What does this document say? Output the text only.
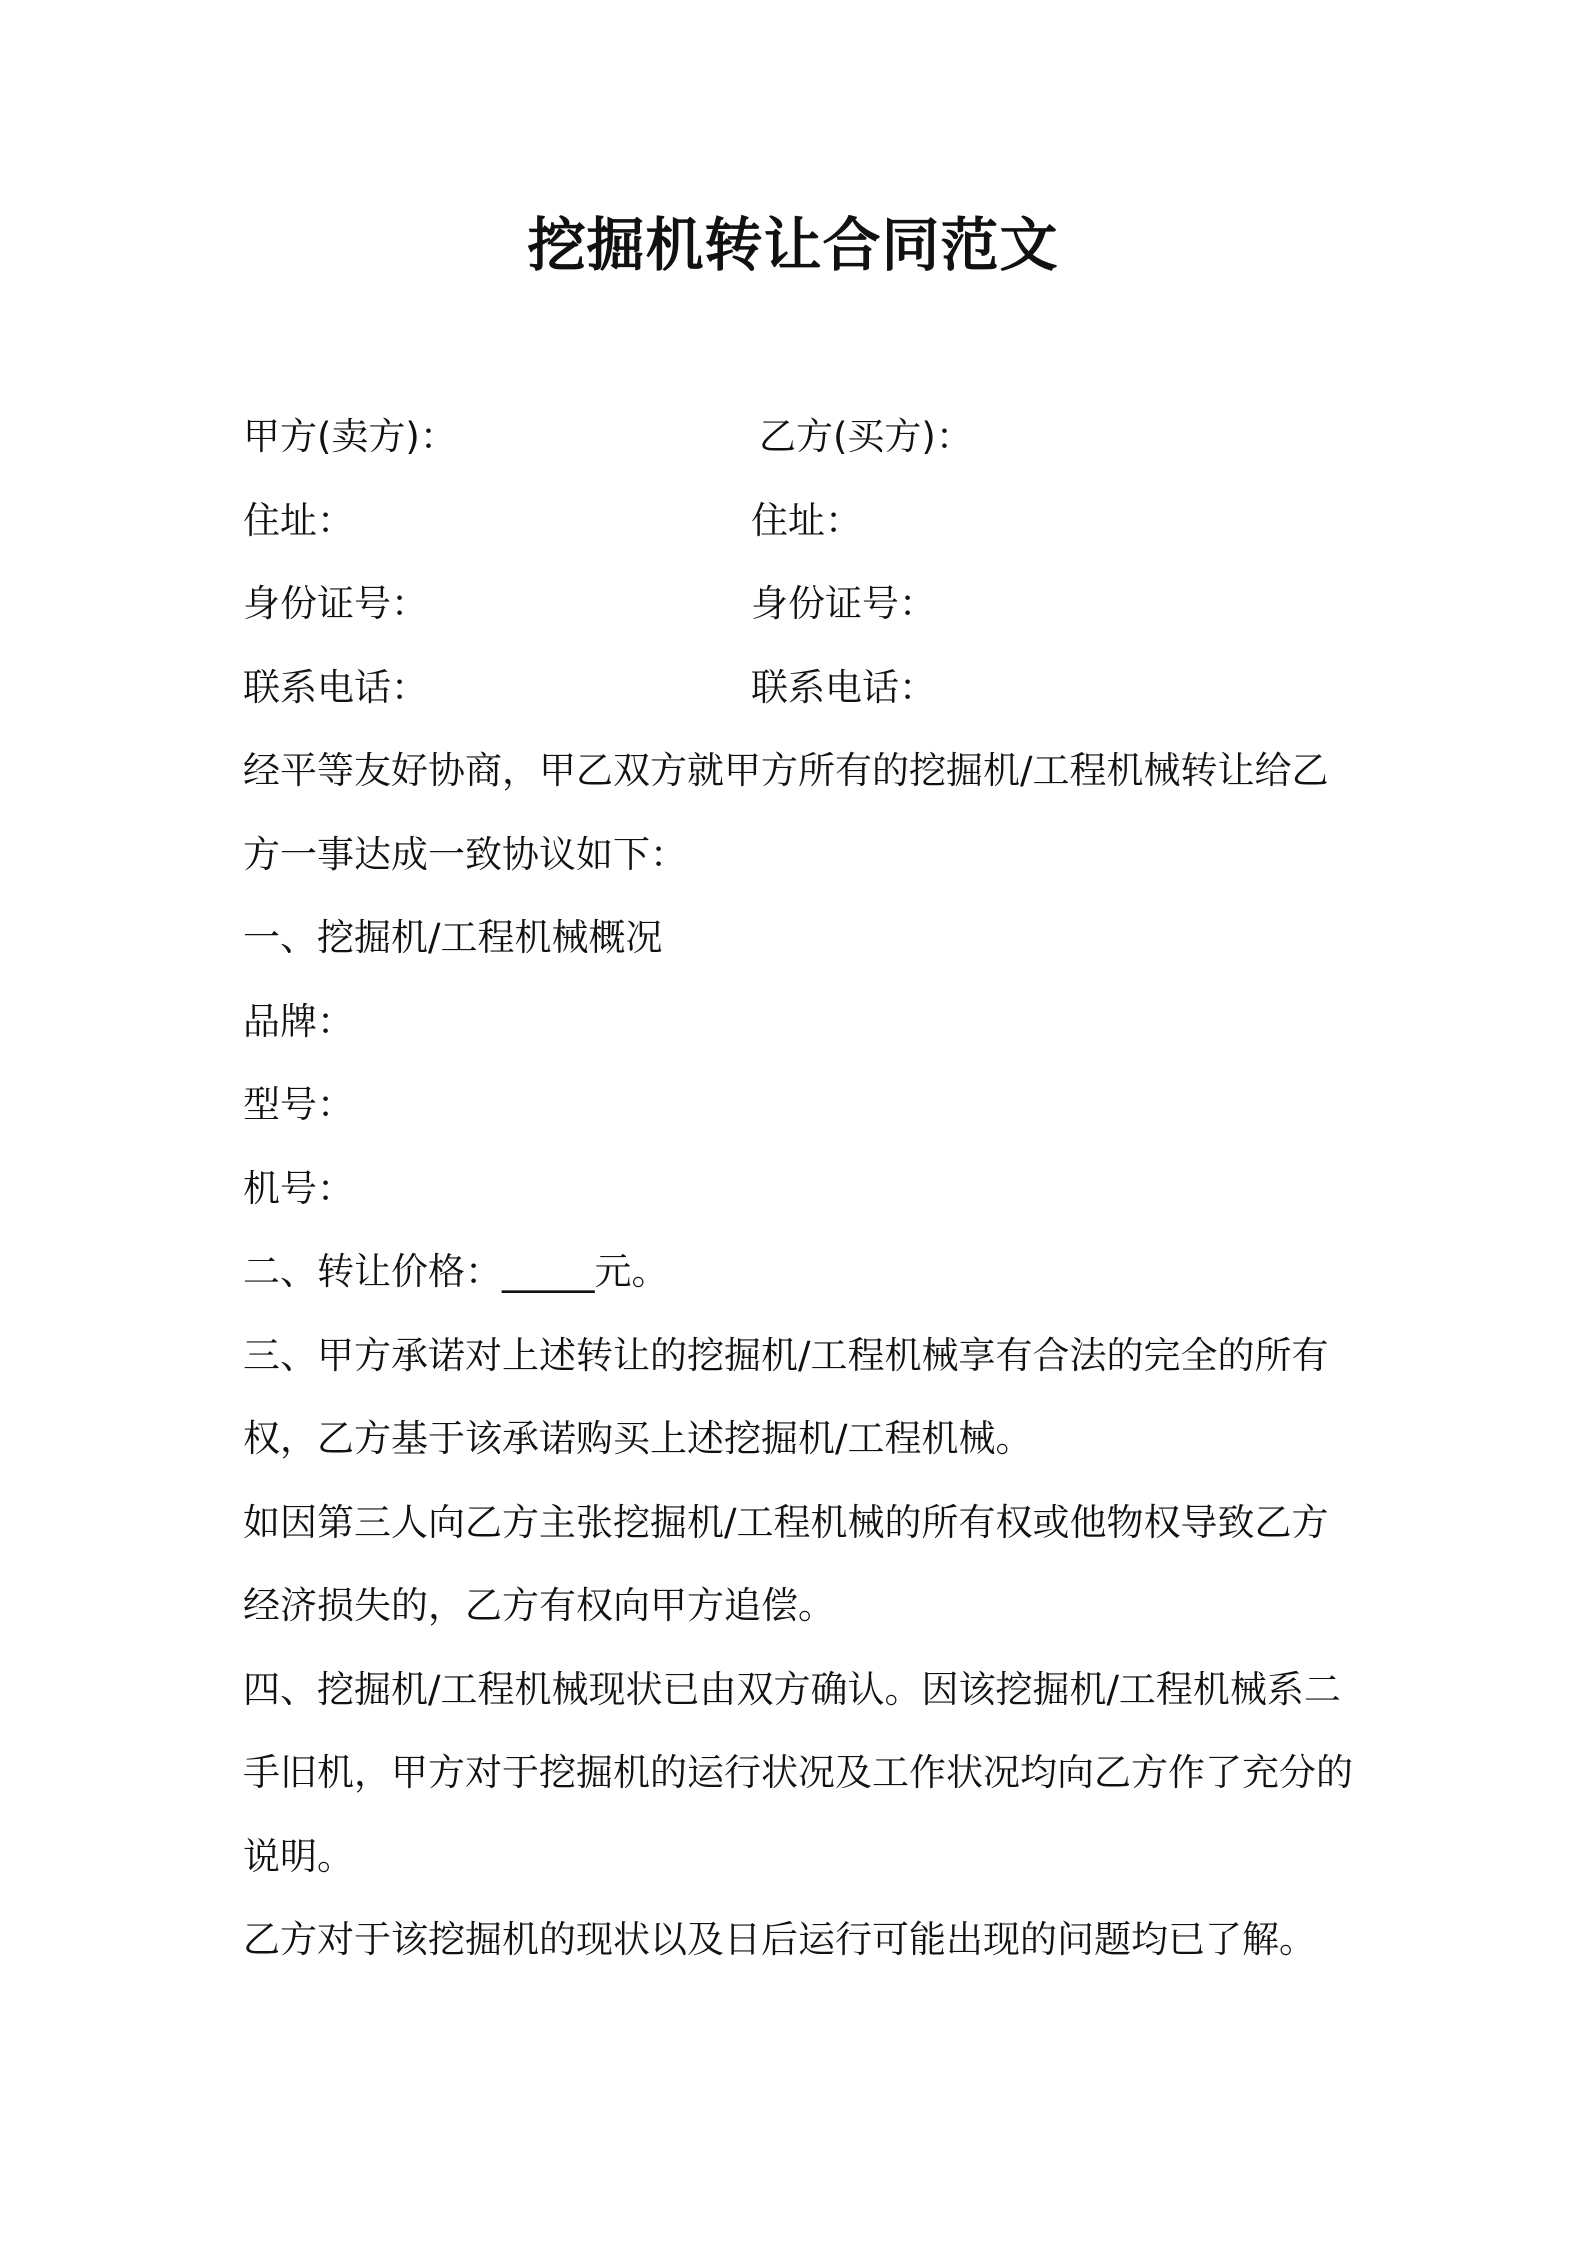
挖掘机转让合同范文
甲方(卖方)：	乙方(买方)：
住址：	住址：
身份证号：	身份证号：
联系电话：	联系电话：
经平等友好协商，甲乙双方就甲方所有的挖掘机/工程机械转让给乙
方一事达成一致协议如下：
一、挖掘机/工程机械概况
品牌：
型号：
机号：
二、转让价格：_____元。
三、甲方承诺对上述转让的挖掘机/工程机械享有合法的完全的所有
权，乙方基于该承诺购买上述挖掘机/工程机械。
如因第三人向乙方主张挖掘机/工程机械的所有权或他物权导致乙方
经济损失的，乙方有权向甲方追偿。
四、挖掘机/工程机械现状已由双方确认。因该挖掘机/工程机械系二
手旧机，甲方对于挖掘机的运行状况及工作状况均向乙方作了充分的
说明。
乙方对于该挖掘机的现状以及日后运行可能出现的问题均已了解。
